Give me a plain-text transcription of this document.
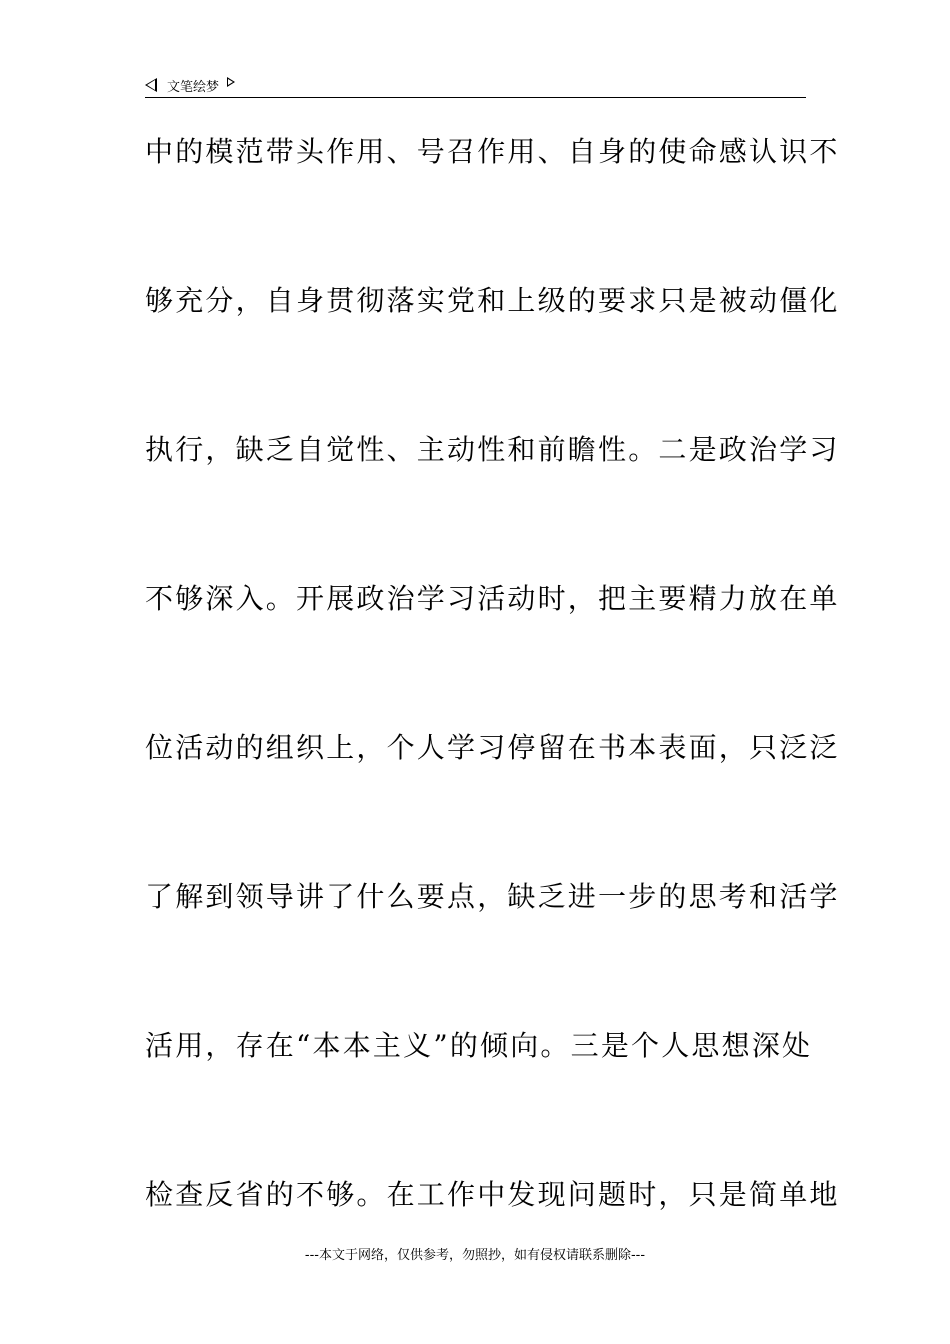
文笔绘梦
中的模范带头作用、号召作用、自身的使命感认识不
够充分，自身贯彻落实党和上级的要求只是被动僵化
执行，缺乏自觉性、主动性和前瞻性。二是政治学习
不够深入。开展政治学习活动时，把主要精力放在单
位活动的组织上，个人学习停留在书本表面，只泛泛
了解到领导讲了什么要点，缺乏进一步的思考和活学
活用，存在“本本主义”的倾向。三是个人思想深处
检查反省的不够。在工作中发现问题时，只是简单地
---本文于网络，仅供参考，勿照抄，如有侵权请联系删除---
